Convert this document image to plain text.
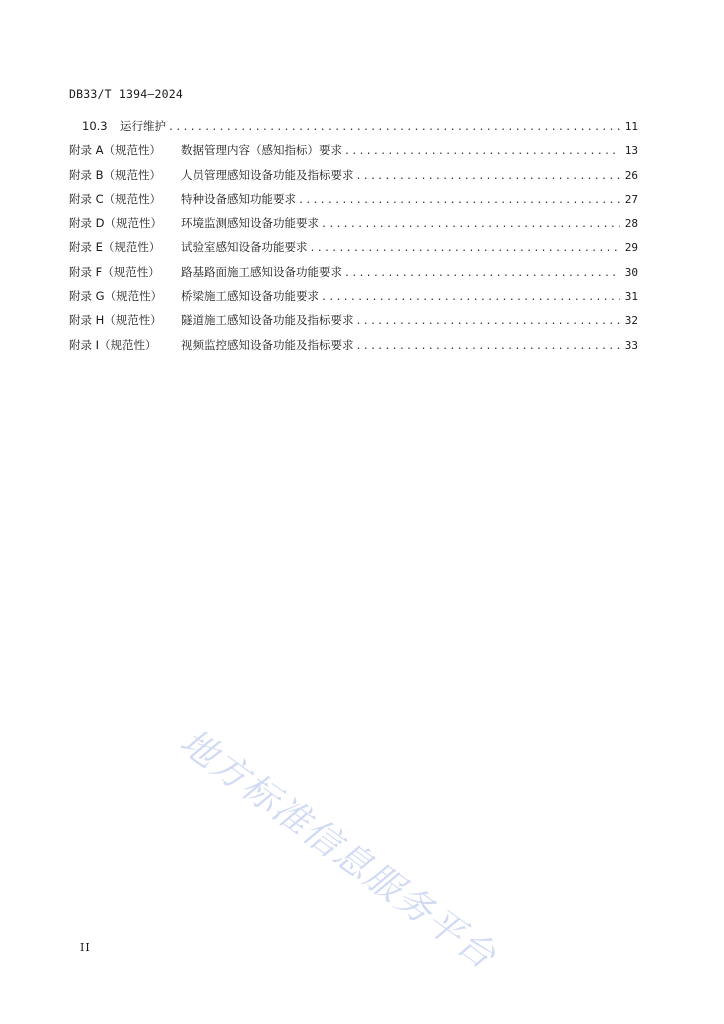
DB33/T 1394—2024
10.3	运行维护 .....	11
附录 A（规范性）	数据管理内容（感知指标）要求 .....	13
附录 B（规范性）	人员管理感知设备功能及指标要求 .....	26
附录 C（规范性）	特种设备感知功能要求 .....	27
附录 D（规范性）	环境监测感知设备功能要求 .....	28
附录 E（规范性）	试验室感知设备功能要求 .....	29
附录 F（规范性）	路基路面施工感知设备功能要求 .....	30
附录 G（规范性）	桥梁施工感知设备功能要求 .....	31
附录 H（规范性）	隧道施工感知设备功能及指标要求 .....	32
附录 I（规范性）	视频监控感知设备功能及指标要求 .....	33
地方标准信息服务平台
II
